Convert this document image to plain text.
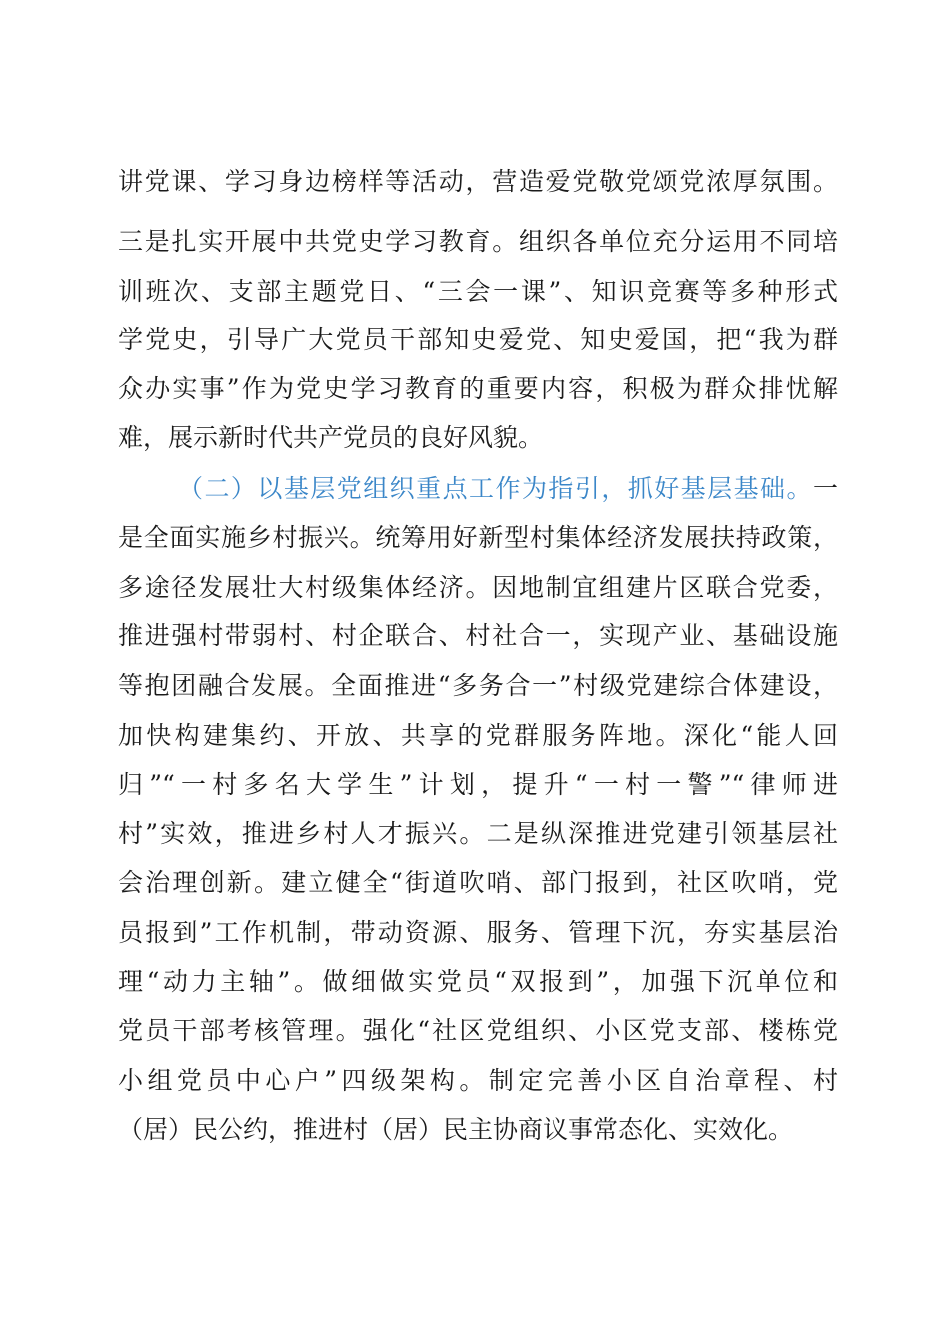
讲党课、学习身边榜样等活动，营造爱党敬党颂党浓厚氛围。
三是扎实开展中共党史学习教育。组织各单位充分运用不同培
训班次、支部主题党日、“三会一课”、知识竞赛等多种形式
学党史，引导广大党员干部知史爱党、知史爱国，把“我为群
众办实事”作为党史学习教育的重要内容，积极为群众排忧解
难，展示新时代共产党员的良好风貌。
（二）以基层党组织重点工作为指引，抓好基层基础。一
是全面实施乡村振兴。统筹用好新型村集体经济发展扶持政策，
多途径发展壮大村级集体经济。因地制宜组建片区联合党委，
推进强村带弱村、村企联合、村社合一，实现产业、基础设施
等抱团融合发展。全面推进“多务合一”村级党建综合体建设，
加快构建集约、开放、共享的党群服务阵地。深化“能人回
归”“一村多名大学生”计划，提升“一村一警”“律师进
村”实效，推进乡村人才振兴。二是纵深推进党建引领基层社
会治理创新。建立健全“街道吹哨、部门报到，社区吹哨，党
员报到”工作机制，带动资源、服务、管理下沉，夯实基层治
理“动力主轴”。做细做实党员“双报到”，加强下沉单位和
党员干部考核管理。强化“社区党组织、小区党支部、楼栋党
小组党员中心户”四级架构。制定完善小区自治章程、村
（居）民公约，推进村（居）民主协商议事常态化、实效化。
